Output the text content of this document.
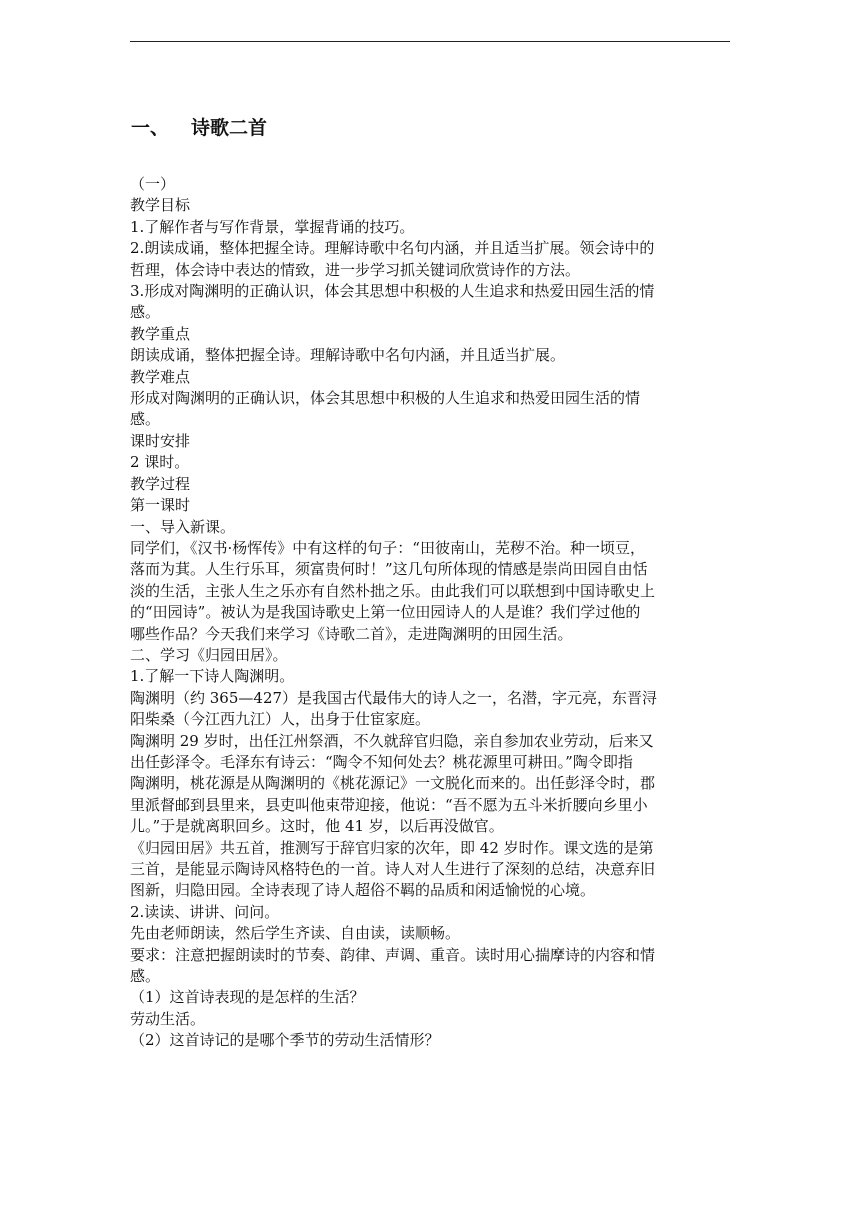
一、 诗歌二首
（一）
教学目标
1.了解作者与写作背景，掌握背诵的技巧。
2.朗读成诵，整体把握全诗。理解诗歌中名句内涵，并且适当扩展。领会诗中的
哲理，体会诗中表达的情致，进一步学习抓关键词欣赏诗作的方法。
3.形成对陶渊明的正确认识，体会其思想中积极的人生追求和热爱田园生活的情
感。
教学重点
朗读成诵，整体把握全诗。理解诗歌中名句内涵，并且适当扩展。
教学难点
形成对陶渊明的正确认识，体会其思想中积极的人生追求和热爱田园生活的情
感。
课时安排
2 课时。
教学过程
第一课时
一、导入新课。
同学们，《汉书·杨恽传》中有这样的句子：“田彼南山，芜秽不治。种一顷豆，
落而为萁。人生行乐耳，须富贵何时！”这几句所体现的情感是崇尚田园自由恬
淡的生活，主张人生之乐亦有自然朴拙之乐。由此我们可以联想到中国诗歌史上
的“田园诗”。被认为是我国诗歌史上第一位田园诗人的人是谁？我们学过他的
哪些作品？今天我们来学习《诗歌二首》，走进陶渊明的田园生活。
二、学习《归园田居》。
1.了解一下诗人陶渊明。
陶渊明（约 365—427）是我国古代最伟大的诗人之一，名潜，字元亮，东晋浔
阳柴桑（今江西九江）人，出身于仕宦家庭。
陶渊明 29 岁时，出任江州祭酒，不久就辞官归隐，亲自参加农业劳动，后来又
出任彭泽令。毛泽东有诗云：“陶令不知何处去？桃花源里可耕田。”陶令即指
陶渊明，桃花源是从陶渊明的《桃花源记》一文脱化而来的。出任彭泽令时，郡
里派督邮到县里来，县吏叫他束带迎接，他说：“吾不愿为五斗米折腰向乡里小
儿。”于是就离职回乡。这时，他 41 岁，以后再没做官。
《归园田居》共五首，推测写于辞官归家的次年，即 42 岁时作。课文选的是第
三首，是能显示陶诗风格特色的一首。诗人对人生进行了深刻的总结，决意弃旧
图新，归隐田园。全诗表现了诗人超俗不羁的品质和闲适愉悦的心境。
2.读读、讲讲、问问。
先由老师朗读，然后学生齐读、自由读，读顺畅。
要求：注意把握朗读时的节奏、韵律、声调、重音。读时用心揣摩诗的内容和情
感。
（1）这首诗表现的是怎样的生活？
劳动生活。
（2）这首诗记的是哪个季节的劳动生活情形？
